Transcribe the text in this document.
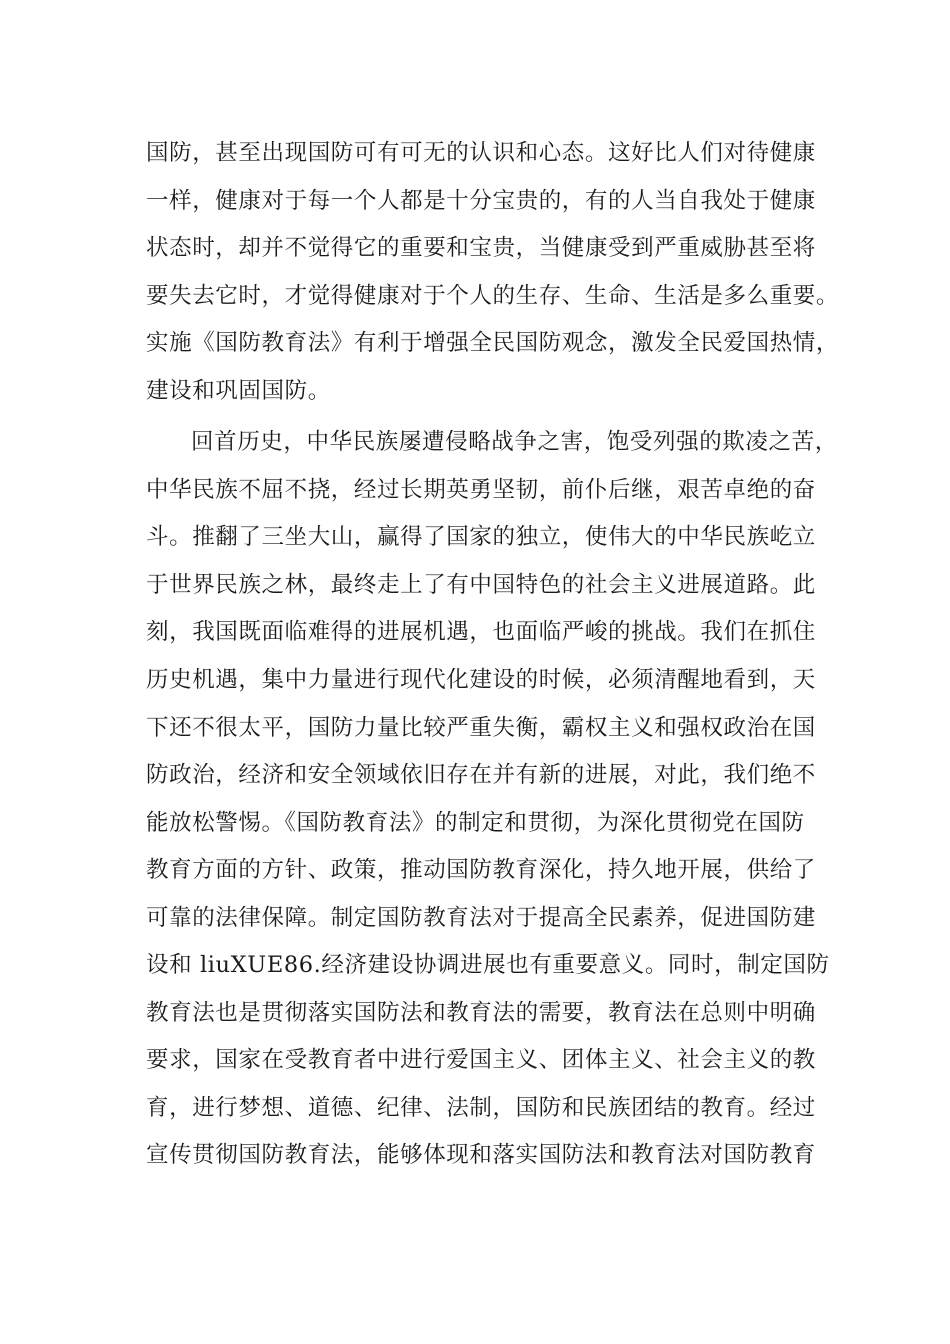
国防，甚至出现国防可有可无的认识和心态。这好比人们对待健康
一样，健康对于每一个人都是十分宝贵的，有的人当自我处于健康
状态时，却并不觉得它的重要和宝贵，当健康受到严重威胁甚至将
要失去它时，才觉得健康对于个人的生存、生命、生活是多么重要。
实施《国防教育法》有利于增强全民国防观念，激发全民爱国热情，
建设和巩固国防。
回首历史，中华民族屡遭侵略战争之害，饱受列强的欺凌之苦，
中华民族不屈不挠，经过长期英勇坚韧，前仆后继，艰苦卓绝的奋
斗。推翻了三坐大山，赢得了国家的独立，使伟大的中华民族屹立
于世界民族之林，最终走上了有中国特色的社会主义进展道路。此
刻，我国既面临难得的进展机遇，也面临严峻的挑战。我们在抓住
历史机遇，集中力量进行现代化建设的时候，必须清醒地看到，天
下还不很太平，国防力量比较严重失衡，霸权主义和强权政治在国
防政治，经济和安全领域依旧存在并有新的进展，对此，我们绝不
能放松警惕。《国防教育法》的制定和贯彻，为深化贯彻党在国防
教育方面的方针、政策，推动国防教育深化，持久地开展，供给了
可靠的法律保障。制定国防教育法对于提高全民素养，促进国防建
设和 liuXUE86.经济建设协调进展也有重要意义。同时，制定国防
教育法也是贯彻落实国防法和教育法的需要，教育法在总则中明确
要求，国家在受教育者中进行爱国主义、团体主义、社会主义的教
育，进行梦想、道德、纪律、法制，国防和民族团结的教育。经过
宣传贯彻国防教育法，能够体现和落实国防法和教育法对国防教育
